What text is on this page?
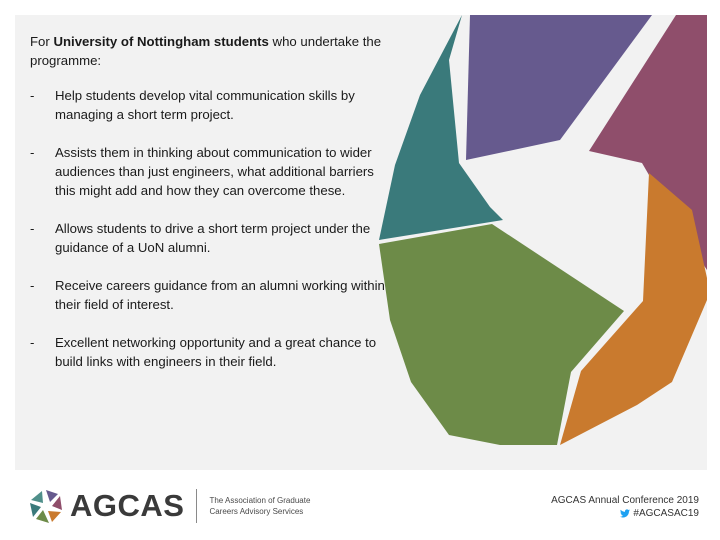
For University of Nottingham students who undertake the programme:

-	Help students develop vital communication skills by managing a short term project.
-	Assists them in thinking about communication to wider audiences than just engineers, what additional barriers this might add and how they can overcome these.
-	Allows students to drive a short term project under the guidance of a UoN alumni.
-	Receive careers guidance from an alumni working within their field of interest.
-	Excellent networking opportunity and a great chance to build links with engineers in their field.
AGCAS	The Association of Graduate
Careers Advisory Services
AGCAS Annual Conference 2019
#AGCASAC19
